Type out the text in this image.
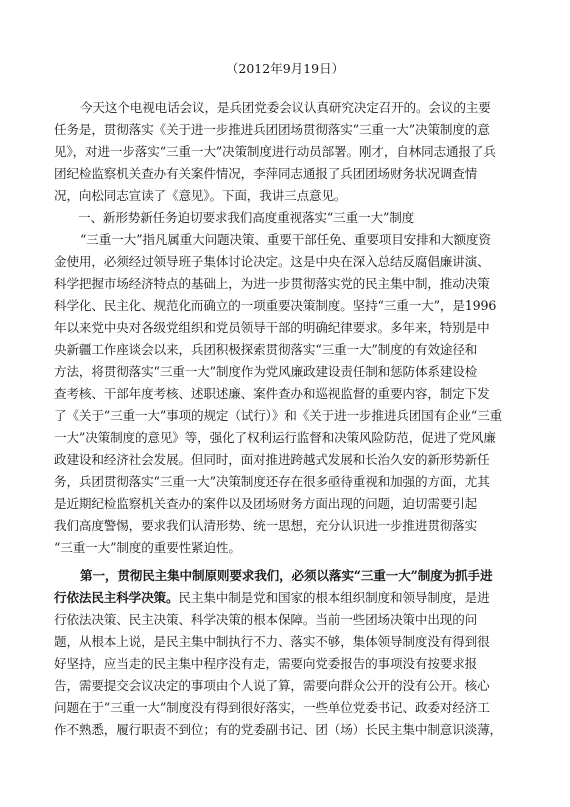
（2012年9月19日）
今天这个电视电话会议，是兵团党委会议认真研究决定召开的。会议的主要
任务是，贯彻落实《关于进一步推进兵团团场贯彻落实“三重一大”决策制度的意
见》，对进一步落实“三重一大”决策制度进行动员部署。刚才，自林同志通报了兵
团纪检监察机关查办有关案件情况，李萍同志通报了兵团团场财务状况调查情
况，向松同志宣读了《意见》。下面，我讲三点意见。
一、新形势新任务迫切要求我们高度重视落实“三重一大”制度
“三重一大”指凡属重大问题决策、重要干部任免、重要项目安排和大额度资
金使用，必须经过领导班子集体讨论决定。这是中央在深入总结反腐倡廉讲演、
科学把握市场经济特点的基础上，为进一步贯彻落实党的民主集中制，推动决策
科学化、民主化、规范化而确立的一项重要决策制度。坚持“三重一大”，是1996
年以来党中央对各级党组织和党员领导干部的明确纪律要求。多年来，特别是中
央新疆工作座谈会以来，兵团积极探索贯彻落实“三重一大”制度的有效途径和
方法，将贯彻落实“三重一大”制度作为党风廉政建设责任制和惩防体系建设检
查考核、干部年度考核、述职述廉、案件查办和巡视监督的重要内容，制定下发
了《关于“三重一大”事项的规定（试行）》和《关于进一步推进兵团国有企业“三重
一大”决策制度的意见》等，强化了权利运行监督和决策风险防范，促进了党风廉
政建设和经济社会发展。但同时，面对推进跨越式发展和长治久安的新形势新任
务，兵团贯彻落实“三重一大”决策制度还存在很多亟待重视和加强的方面，尤其
是近期纪检监察机关查办的案件以及团场财务方面出现的问题，迫切需要引起
我们高度警惕，要求我们认清形势、统一思想，充分认识进一步推进贯彻落实
“三重一大”制度的重要性紧迫性。
第一，贯彻民主集中制原则要求我们，必须以落实“三重一大”制度为抓手进
行依法民主科学决策。民主集中制是党和国家的根本组织制度和领导制度，是进
行依法决策、民主决策、科学决策的根本保障。当前一些团场决策中出现的问
题，从根本上说，是民主集中制执行不力、落实不够，集体领导制度没有得到很
好坚持，应当走的民主集中程序没有走，需要向党委报告的事项没有按要求报
告，需要提交会议决定的事项由个人说了算，需要向群众公开的没有公开。核心
问题在于“三重一大”制度没有得到很好落实，一些单位党委书记、政委对经济工
作不熟悉，履行职责不到位；有的党委副书记、团（场）长民主集中制意识淡薄，
